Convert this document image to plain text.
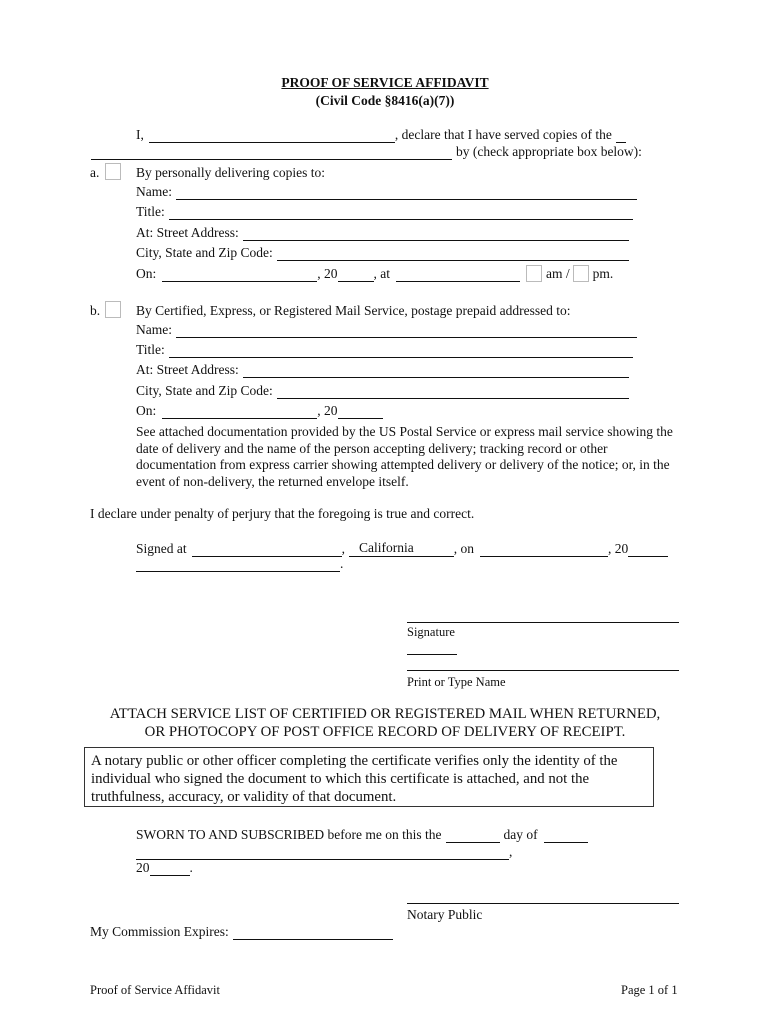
PROOF OF SERVICE AFFIDAVIT
(Civil Code §8416(a)(7))
I,	, declare that I have served copies of the
by (check appropriate box below):
a.	By personally delivering copies to:
Name:
Title:
At: Street Address:
City, State and Zip Code:
On:	, 20	, at	am / pm.
b.	By Certified, Express, or Registered Mail Service, postage prepaid addressed to:
Name:
Title:
At: Street Address:
City, State and Zip Code:
On:	, 20
See attached documentation provided by the US Postal Service or express mail service showing the date of delivery and the name of the person accepting delivery; tracking record or other documentation from express carrier showing attempted delivery or delivery of the notice; or, in the event of non-delivery, the returned envelope itself.
I declare under penalty of perjury that the foregoing is true and correct.
Signed at	,	California	, on	, 20
.
Signature
Print or Type Name
ATTACH SERVICE LIST OF CERTIFIED OR REGISTERED MAIL WHEN RETURNED,
OR PHOTOCOPY OF POST OFFICE RECORD OF DELIVERY OF RECEIPT.
A notary public or other officer completing the certificate verifies only the identity of the individual who signed the document to which this certificate is attached, and not the truthfulness, accuracy, or validity of that document.
SWORN TO AND SUBSCRIBED before me on this the	day of
,
20	.
Notary Public
My Commission Expires:
Proof of Service Affidavit	Page 1 of 1
